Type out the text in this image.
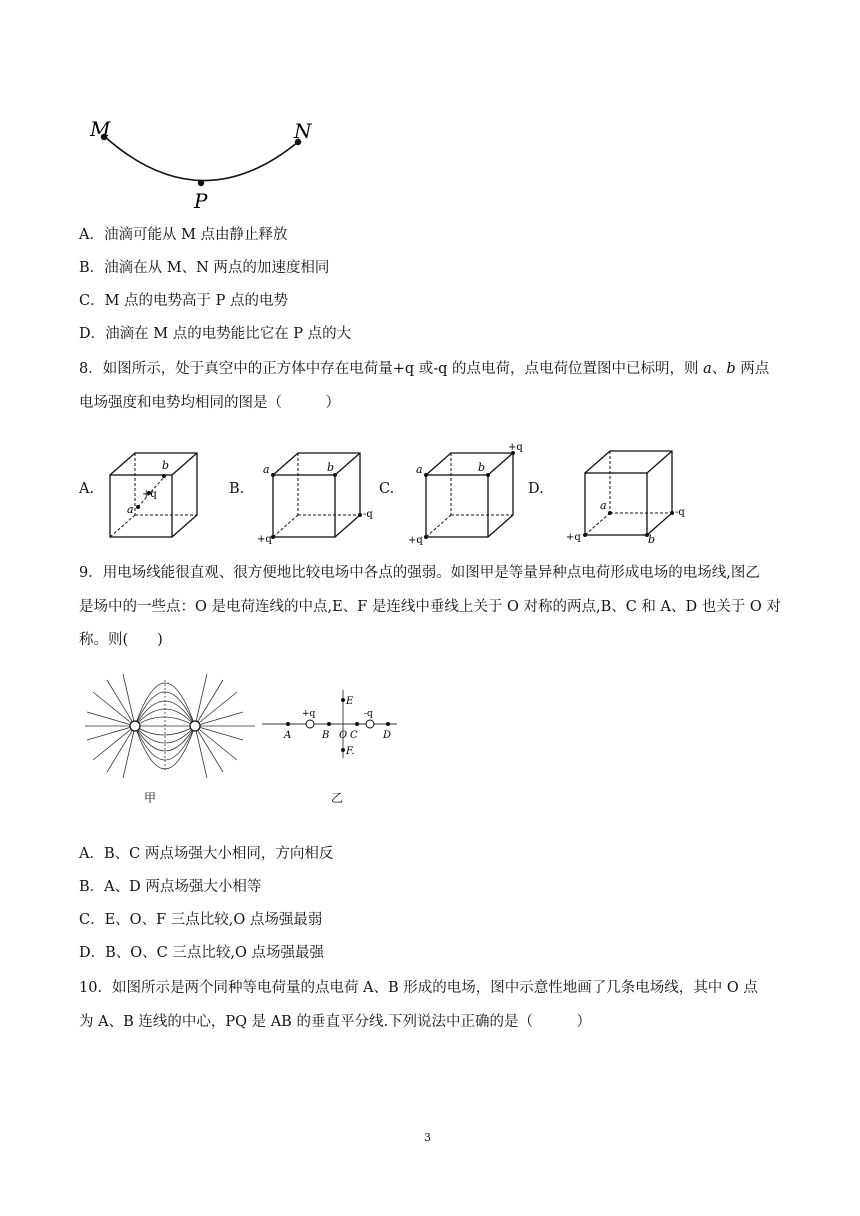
M	N
P
A．油滴可能从 M 点由静止释放
B．油滴在从 M、N 两点的加速度相同
C．M 点的电势高于 P 点的电势
D．油滴在 M 点的电势能比它在 P 点的大
8．如图所示，处于真空中的正方体中存在电荷量+q 或-q 的点电荷，点电荷位置图中已标明，则 a、b 两点
电场强度和电势均相同的图是（　　　）
A.
b
a
+q	B.
a	b
+q
-q
C.
a	b
+q
+q
D.
a
b
+q
-q
9．用电场线能很直观、很方便地比较电场中各点的强弱。如图甲是等量异种点电荷形成电场的电场线,图乙
是场中的一些点：O 是电荷连线的中点,E、F 是连线中垂线上关于 O 对称的两点,B、C 和 A、D 也关于 O 对
称。则(　　)
甲
+q	-q
A	B O C	D
E
F.
乙
A．B、C 两点场强大小相同，方向相反
B．A、D 两点场强大小相等
C．E、O、F 三点比较,O 点场强最弱
D．B、O、C 三点比较,O 点场强最强
10．如图所示是两个同种等电荷量的点电荷 A、B 形成的电场，图中示意性地画了几条电场线，其中 O 点
为 A、B 连线的中心，PQ 是 AB 的垂直平分线.下列说法中正确的是（　　　）
3
